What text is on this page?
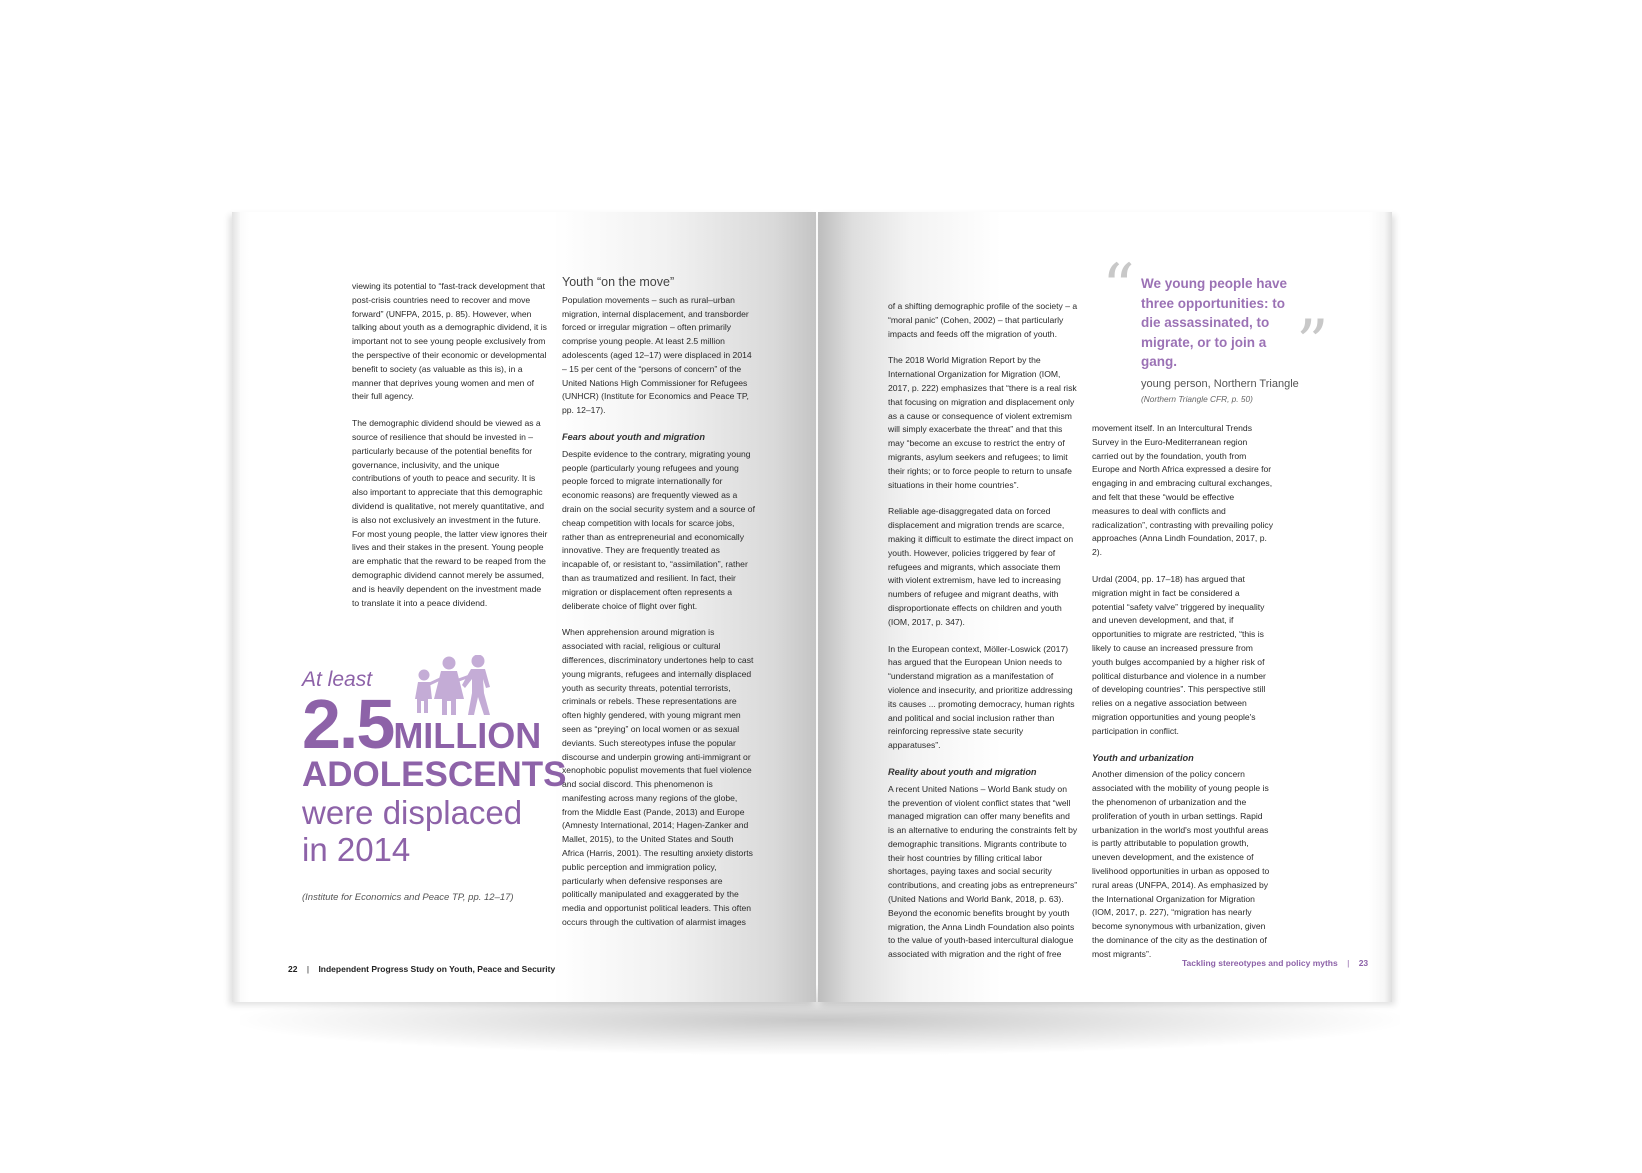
viewing its potential to “fast-track development that post-crisis countries need to recover and move forward” (UNFPA, 2015, p. 85). However, when talking about youth as a demographic dividend, it is important not to see young people exclusively from the perspective of their economic or developmental benefit to society (as valuable as this is), in a manner that deprives young women and men of their full agency.

The demographic dividend should be viewed as a source of resilience that should be invested in – particularly because of the potential benefits for governance, inclusivity, and the unique contributions of youth to peace and security. It is also important to appreciate that this demographic dividend is qualitative, not merely quantitative, and is also not exclusively an investment in the future. For most young people, the latter view ignores their lives and their stakes in the present. Young people are emphatic that the reward to be reaped from the demographic dividend cannot merely be assumed, and is heavily dependent on the investment made to translate it into a peace dividend.

At least
2.5MILLION
ADOLESCENTS
were displaced
in 2014
(Institute for Economics and Peace TP, pp. 12–17)
Youth “on the move”

Population movements – such as rural–urban migration, internal displacement, and transborder forced or irregular migration – often primarily comprise young people. At least 2.5 million adolescents (aged 12–17) were displaced in 2014 – 15 per cent of the “persons of concern” of the United Nations High Commissioner for Refugees (UNHCR) (Institute for Economics and Peace TP, pp. 12–17).

Fears about youth and migration

Despite evidence to the contrary, migrating young people (particularly young refugees and young people forced to migrate internationally for economic reasons) are frequently viewed as a drain on the social security system and a source of cheap competition with locals for scarce jobs, rather than as entrepreneurial and economically innovative. They are frequently treated as incapable of, or resistant to, “assimilation”, rather than as traumatized and resilient. In fact, their migration or displacement often represents a deliberate choice of flight over fight.

When apprehension around migration is associated with racial, religious or cultural differences, discriminatory undertones help to cast young migrants, refugees and internally displaced youth as security threats, potential terrorists, criminals or rebels. These representations are often highly gendered, with young migrant men seen as “preying” on local women or as sexual deviants. Such stereotypes infuse the popular discourse and underpin growing anti-immigrant or xenophobic populist movements that fuel violence and social discord. This phenomenon is manifesting across many regions of the globe, from the Middle East (Pande, 2013) and Europe (Amnesty International, 2014; Hagen-Zanker and Mallet, 2015), to the United States and South Africa (Harris, 2001). The resulting anxiety distorts public perception and immigration policy, particularly when defensive responses are politically manipulated and exaggerated by the media and opportunist political leaders. This often occurs through the cultivation of alarmist images

22 | Independent Progress Study on Youth, Peace and Security

of a shifting demographic profile of the society – a “moral panic” (Cohen, 2002) – that particularly impacts and feeds off the migration of youth.

The 2018 World Migration Report by the International Organization for Migration (IOM, 2017, p. 222) emphasizes that “there is a real risk that focusing on migration and displacement only as a cause or consequence of violent extremism will simply exacerbate the threat” and that this may “become an excuse to restrict the entry of migrants, asylum seekers and refugees; to limit their rights; or to force people to return to unsafe situations in their home countries”.

Reliable age-disaggregated data on forced displacement and migration trends are scarce, making it difficult to estimate the direct impact on youth. However, policies triggered by fear of refugees and migrants, which associate them with violent extremism, have led to increasing numbers of refugee and migrant deaths, with disproportionate effects on children and youth (IOM, 2017, p. 347).

In the European context, Möller-Loswick (2017) has argued that the European Union needs to “understand migration as a manifestation of violence and insecurity, and prioritize addressing its causes ... promoting democracy, human rights and political and social inclusion rather than reinforcing repressive state security apparatuses”.

Reality about youth and migration

A recent United Nations – World Bank study on the prevention of violent conflict states that “well managed migration can offer many benefits and is an alternative to enduring the constraints felt by demographic transitions. Migrants contribute to their host countries by filling critical labor shortages, paying taxes and social security contributions, and creating jobs as entrepreneurs” (United Nations and World Bank, 2018, p. 63). Beyond the economic benefits brought by youth migration, the Anna Lindh Foundation also points to the value of youth-based intercultural dialogue associated with migration and the right of free

“
”
We young people have three opportunities: to die assassinated, to migrate, or to join a gang.
young person, Northern Triangle
(Northern Triangle CFR, p. 50)

movement itself. In an Intercultural Trends Survey in the Euro-Mediterranean region carried out by the foundation, youth from Europe and North Africa expressed a desire for engaging in and embracing cultural exchanges, and felt that these “would be effective measures to deal with conflicts and radicalization”, contrasting with prevailing policy approaches (Anna Lindh Foundation, 2017, p. 2).

Urdal (2004, pp. 17–18) has argued that migration might in fact be considered a potential “safety valve” triggered by inequality and uneven development, and that, if opportunities to migrate are restricted, “this is likely to cause an increased pressure from youth bulges accompanied by a higher risk of political disturbance and violence in a number of developing countries”. This perspective still relies on a negative association between migration opportunities and young people's participation in conflict.

Youth and urbanization

Another dimension of the policy concern associated with the mobility of young people is the phenomenon of urbanization and the proliferation of youth in urban settings. Rapid urbanization in the world's most youthful areas is partly attributable to population growth, uneven development, and the existence of livelihood opportunities in urban as opposed to rural areas (UNFPA, 2014). As emphasized by the International Organization for Migration (IOM, 2017, p. 227), “migration has nearly become synonymous with urbanization, given the dominance of the city as the destination of most migrants”.

Tackling stereotypes and policy myths | 23
